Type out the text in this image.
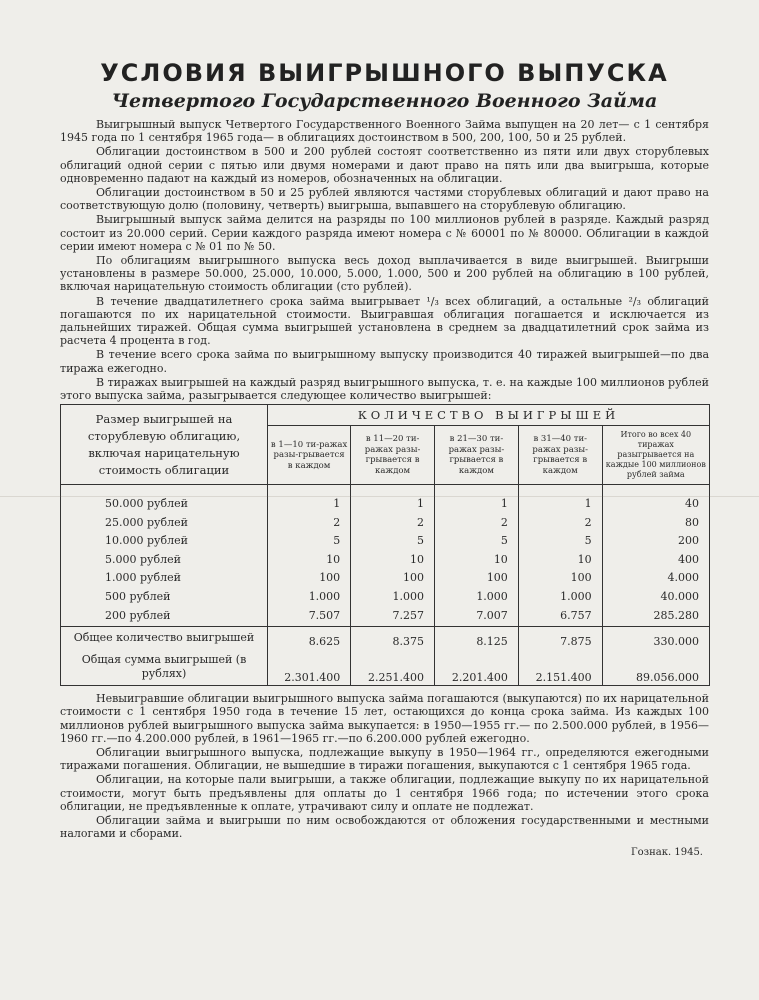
УСЛОВИЯ ВЫИГРЫШНОГО ВЫПУСКА
Четвертого Государственного Военного Займа

Выигрышный выпуск Четвертого Государственного Военного Займа выпущен на 20 лет— с 1 сентября 1945 года по 1 сентября 1965 года— в облигациях достоинством в 500, 200, 100, 50 и 25 рублей.

Облигации достоинством в 500 и 200 рублей состоят соответственно из пяти или двух сторублевых облигаций одной серии с пятью или двумя номерами и дают право на пять или два выигрыша, которые одновременно падают на каждый из номеров, обозначенных на облигации.

Облигации достоинством в 50 и 25 рублей являются частями сторублевых облигаций и дают право на соответствующую долю (половину, четверть) выигрыша, выпавшего на сторублевую облигацию.

Выигрышный выпуск займа делится на разряды по 100 миллионов рублей в разряде. Каждый разряд состоит из 20.000 серий. Серии каждого разряда имеют номера с № 60001 по № 80000. Облигации в каждой серии имеют номера с № 01 по № 50.

По облигациям выигрышного выпуска весь доход выплачивается в виде выигрышей. Выигрыши установлены в размере 50.000, 25.000, 10.000, 5.000, 1.000, 500 и 200 рублей на облигацию в 100 рублей, включая нарицательную стоимость облигации (сто рублей).

В течение двадцатилетнего срока займа выигрывает ¹/₃ всех облигаций, а остальные ²/₃ облигаций погашаются по их нарицательной стоимости. Выигравшая облигация погашается и исключается из дальнейших тиражей. Общая сумма выигрышей установлена в среднем за двадцатилетний срок займа из расчета 4 процента в год.

В течение всего срока займа по выигрышному выпуску производится 40 тиражей выигрышей—по два тиража ежегодно.

В тиражах выигрышей на каждый разряд выигрышного выпуска, т. е. на каждые 100 миллионов рублей этого выпуска займа, разыгрывается следующее количество выигрышей:

Размер выигрышей на сторублевую облигацию, включая нарицательную стоимость облигации	КОЛИЧЕСТВО ВЫИГРЫШЕЙ				
	в 1—10 ти-ражах разы-грывается в каждом	в 11—20 ти-ражах разы-грывается в каждом	в 21—30 ти-ражах разы-грывается в каждом	в 31—40 ти-ражах разы-грывается в каждом	Итого во всех 40 тиражах разыгрывается на каждые 100 миллионов рублей займа

50.000 рублей	1	1	1	1	40
25.000 рублей	2	2	2	2	80
10.000 рублей	5	5	5	5	200
5.000 рублей	10	10	10	10	400
1.000 рублей	100	100	100	100	4.000
500 рублей	1.000	1.000	1.000	1.000	40.000
200 рублей	7.507	7.257	7.007	6.757	285.280
Общее количество выигрышей	8.625	8.375	8.125	7.875	330.000
Общая сумма выигрышей (в рублях)	2.301.400	2.251.400	2.201.400	2.151.400	89.056.000

Невыигравшие облигации выигрышного выпуска займа погашаются (выкупаются) по их нарицательной стоимости с 1 сентября 1950 года в течение 15 лет, остающихся до конца срока займа. Из каждых 100 миллионов рублей выигрышного выпуска займа выкупается: в 1950—1955 гг.— по 2.500.000 рублей, в 1956—1960 гг.—по 4.200.000 рублей, в 1961—1965 гг.—по 6.200.000 рублей ежегодно.

Облигации выигрышного выпуска, подлежащие выкупу в 1950—1964 гг., определяются ежегодными тиражами погашения. Облигации, не вышедшие в тиражи погашения, выкупаются с 1 сентября 1965 года.

Облигации, на которые пали выигрыши, а также облигации, подлежащие выкупу по их нарицательной стоимости, могут быть предъявлены для оплаты до 1 сентября 1966 года; по истечении этого срока облигации, не предъявленные к оплате, утрачивают силу и оплате не подлежат.

Облигации займа и выигрыши по ним освобождаются от обложения государственными и местными налогами и сборами.

Гознак. 1945.
